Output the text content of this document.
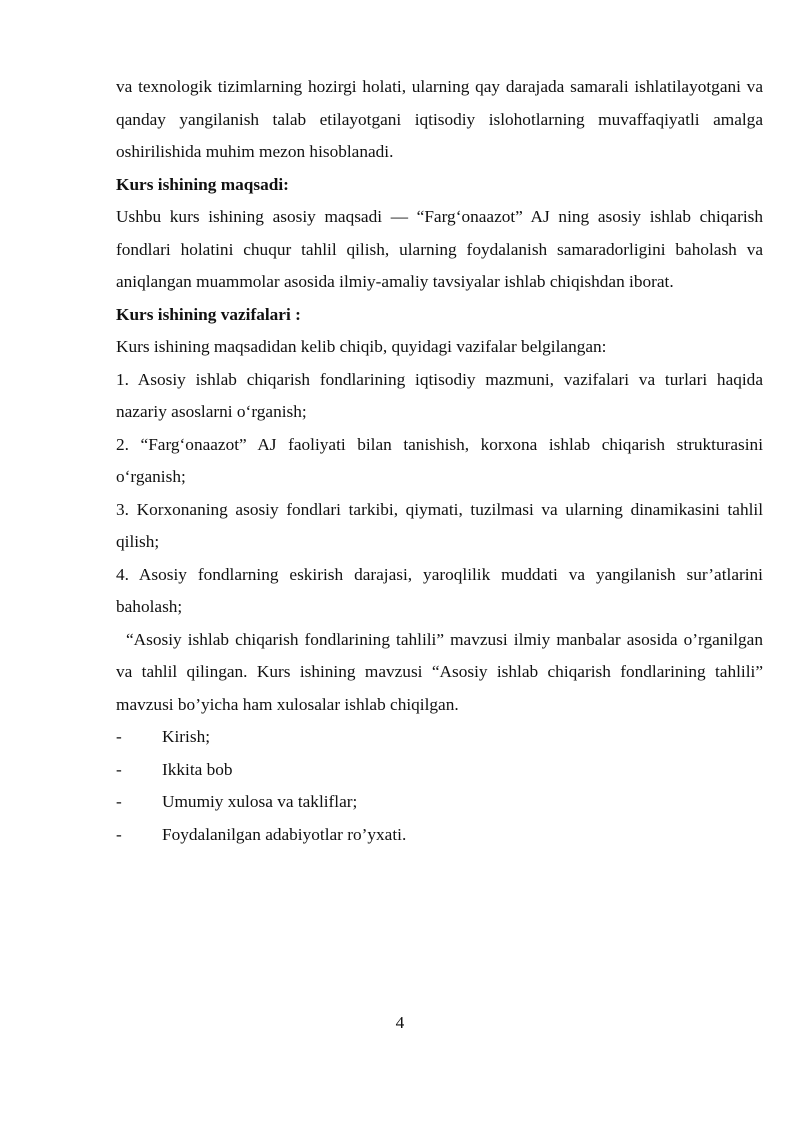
va texnologik tizimlarning hozirgi holati, ularning qay darajada samarali ishlatilayotgani va qanday yangilanish talab etilayotgani iqtisodiy islohotlarning muvaffaqiyatli amalga oshirilishida muhim mezon hisoblanadi.

Kurs ishining maqsadi:

Ushbu kurs ishining asosiy maqsadi — “Farg‘onaazot” AJ ning asosiy ishlab chiqarish fondlari holatini chuqur tahlil qilish, ularning foydalanish samaradorligini baholash va aniqlangan muammolar asosida ilmiy-amaliy tavsiyalar ishlab chiqishdan iborat.

Kurs ishining vazifalari :

Kurs ishining maqsadidan kelib chiqib, quyidagi vazifalar belgilangan:

1. Asosiy ishlab chiqarish fondlarining iqtisodiy mazmuni, vazifalari va turlari haqida nazariy asoslarni o‘rganish;

2. “Farg‘onaazot” AJ faoliyati bilan tanishish, korxona ishlab chiqarish strukturasini o‘rganish;

3. Korxonaning asosiy fondlari tarkibi, qiymati, tuzilmasi va ularning dinamikasini tahlil qilish;

4. Asosiy fondlarning eskirish darajasi, yaroqlilik muddati va yangilanish sur’atlarini baholash;

“Asosiy ishlab chiqarish fondlarining tahlili” mavzusi ilmiy manbalar asosida o’rganilgan va tahlil qilingan. Kurs ishining mavzusi “Asosiy ishlab chiqarish fondlarining tahlili” mavzusi bo’yicha ham xulosalar ishlab chiqilgan.

-	Kirish;
-	Ikkita bob
-	Umumiy xulosa va takliflar;
-	Foydalanilgan adabiyotlar ro’yxati.
4
